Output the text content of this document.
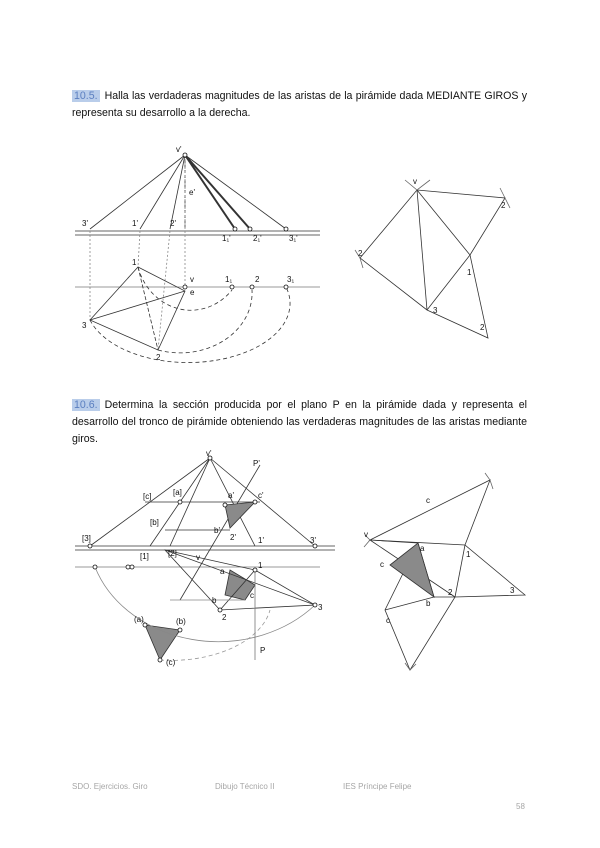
10.5. Halla las verdaderas magnitudes de las aristas de la pirámide dada MEDIANTE GIROS y representa su desarrollo a la derecha.

v'
e'
3'	1'	2'
1₁'	2₁'	3₁'
1
2
3
v
e
1₁	2	3₁
v
2
2
1
3
2

10.6. Determina la sección producida por el plano P en la pirámide dada y representa el desarrollo del tronco de pirámide obteniendo las verdaderas magnitudes de las aristas mediante giros.

v'
P'
[c]	[a]
[b]
a'	c'
b'
2'
[3]
[1] [2]
1'	3'
v
a
c
b
1
2
3
(a)	(b)
(c)
P
v
c
a
c
b
1
2	3
c
SDO. Ejercicios. Giro	Dibujo Técnico II	IES Príncipe Felipe
58
